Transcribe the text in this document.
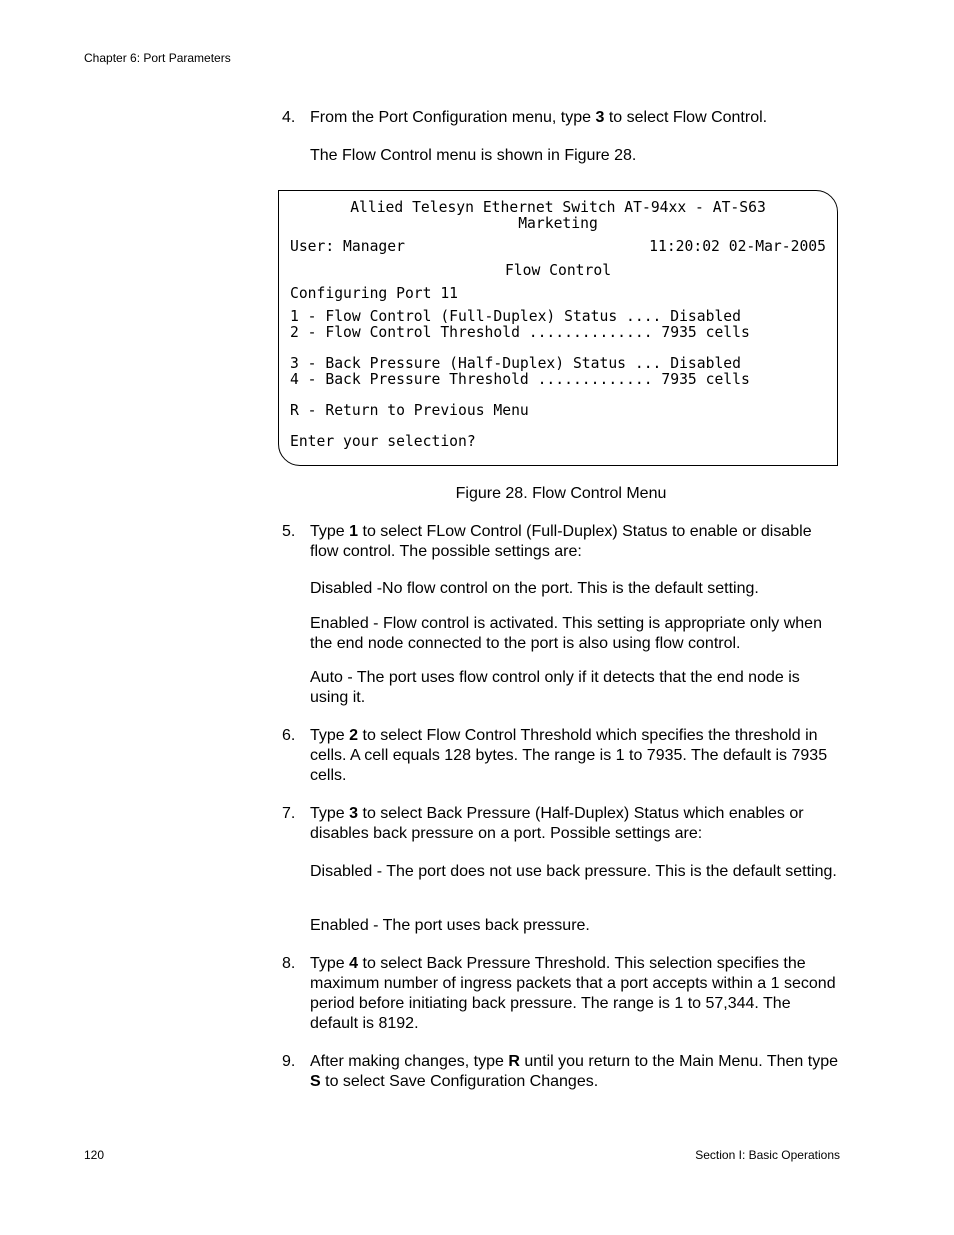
Chapter 6: Port Parameters
4. From the Port Configuration menu, type 3 to select Flow Control.
The Flow Control menu is shown in Figure 28.
Allied Telesyn Ethernet Switch AT-94xx - AT-S63
Marketing
User: Manager	11:20:02 02-Mar-2005
Flow Control
Configuring Port 11
1 - Flow Control (Full-Duplex) Status .... Disabled
2 - Flow Control Threshold .............. 7935 cells
3 - Back Pressure (Half-Duplex) Status ... Disabled
4 - Back Pressure Threshold ............. 7935 cells
R - Return to Previous Menu
Enter your selection?
Figure 28. Flow Control Menu
5. Type 1 to select FLow Control (Full-Duplex) Status to enable or disable flow control. The possible settings are:
Disabled -No flow control on the port. This is the default setting.
Enabled - Flow control is activated. This setting is appropriate only when the end node connected to the port is also using flow control.
Auto - The port uses flow control only if it detects that the end node is using it.
6. Type 2 to select Flow Control Threshold which specifies the threshold in cells. A cell equals 128 bytes. The range is 1 to 7935. The default is 7935 cells.
7. Type 3 to select Back Pressure (Half-Duplex) Status which enables or disables back pressure on a port. Possible settings are:
Disabled - The port does not use back pressure. This is the default setting.
Enabled - The port uses back pressure.
8. Type 4 to select Back Pressure Threshold. This selection specifies the maximum number of ingress packets that a port accepts within a 1 second period before initiating back pressure. The range is 1 to 57,344. The default is 8192.
9. After making changes, type R until you return to the Main Menu. Then type S to select Save Configuration Changes.
120	Section I: Basic Operations
